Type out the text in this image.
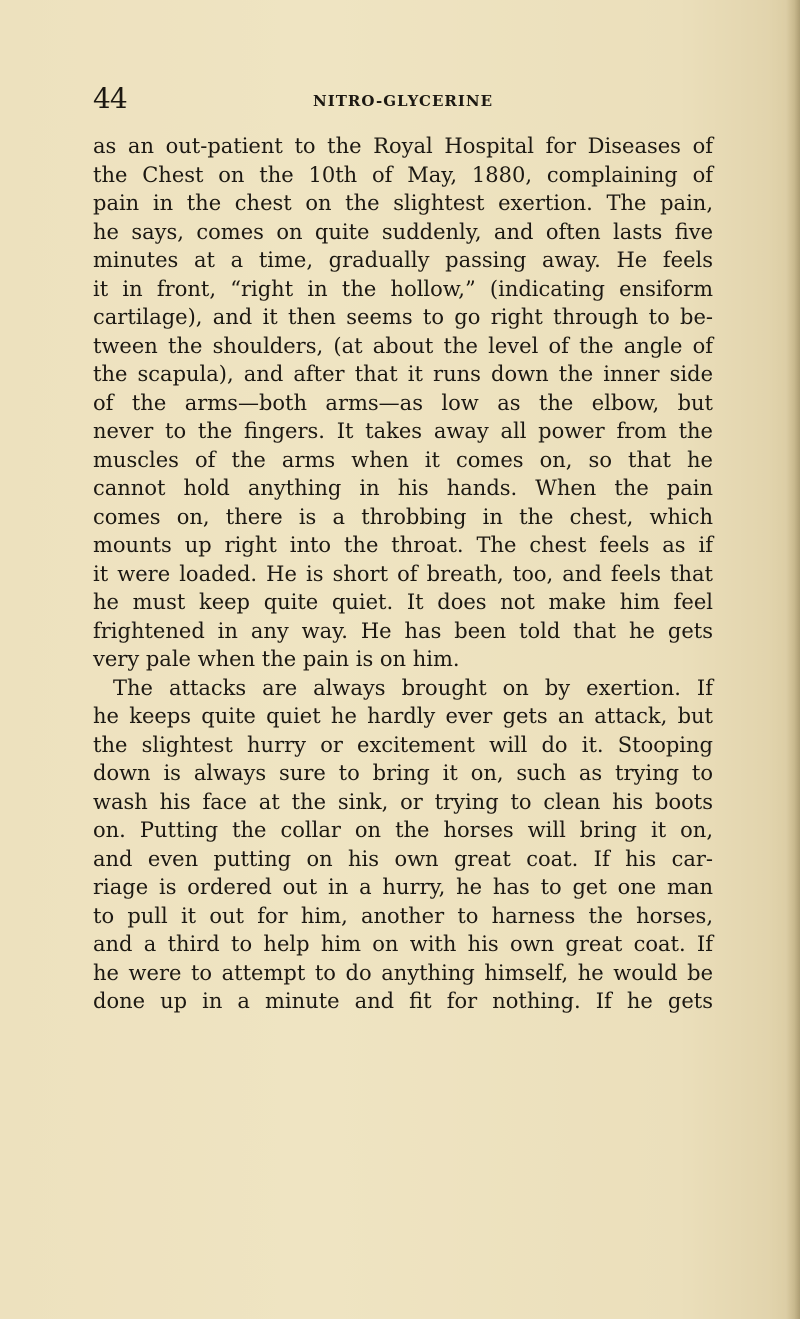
44	NITRO-GLYCERINE
as an out-patient to the Royal Hospital for Diseases of
the Chest on the 10th of May, 1880, complaining of
pain in the chest on the slightest exertion. The pain,
he says, comes on quite suddenly, and often lasts five
minutes at a time, gradually passing away. He feels
it in front, “right in the hollow,” (indicating ensiform
cartilage), and it then seems to go right through to be-
tween the shoulders, (at about the level of the angle of
the scapula), and after that it runs down the inner side
of the arms—both arms—as low as the elbow, but
never to the fingers. It takes away all power from the
muscles of the arms when it comes on, so that he
cannot hold anything in his hands. When the pain
comes on, there is a throbbing in the chest, which
mounts up right into the throat. The chest feels as if
it were loaded. He is short of breath, too, and feels that
he must keep quite quiet. It does not make him feel
frightened in any way. He has been told that he gets
very pale when the pain is on him.
The attacks are always brought on by exertion. If
he keeps quite quiet he hardly ever gets an attack, but
the slightest hurry or excitement will do it. Stooping
down is always sure to bring it on, such as trying to
wash his face at the sink, or trying to clean his boots
on. Putting the collar on the horses will bring it on,
and even putting on his own great coat. If his car-
riage is ordered out in a hurry, he has to get one man
to pull it out for him, another to harness the horses,
and a third to help him on with his own great coat. If
he were to attempt to do anything himself, he would be
done up in a minute and fit for nothing. If he gets
